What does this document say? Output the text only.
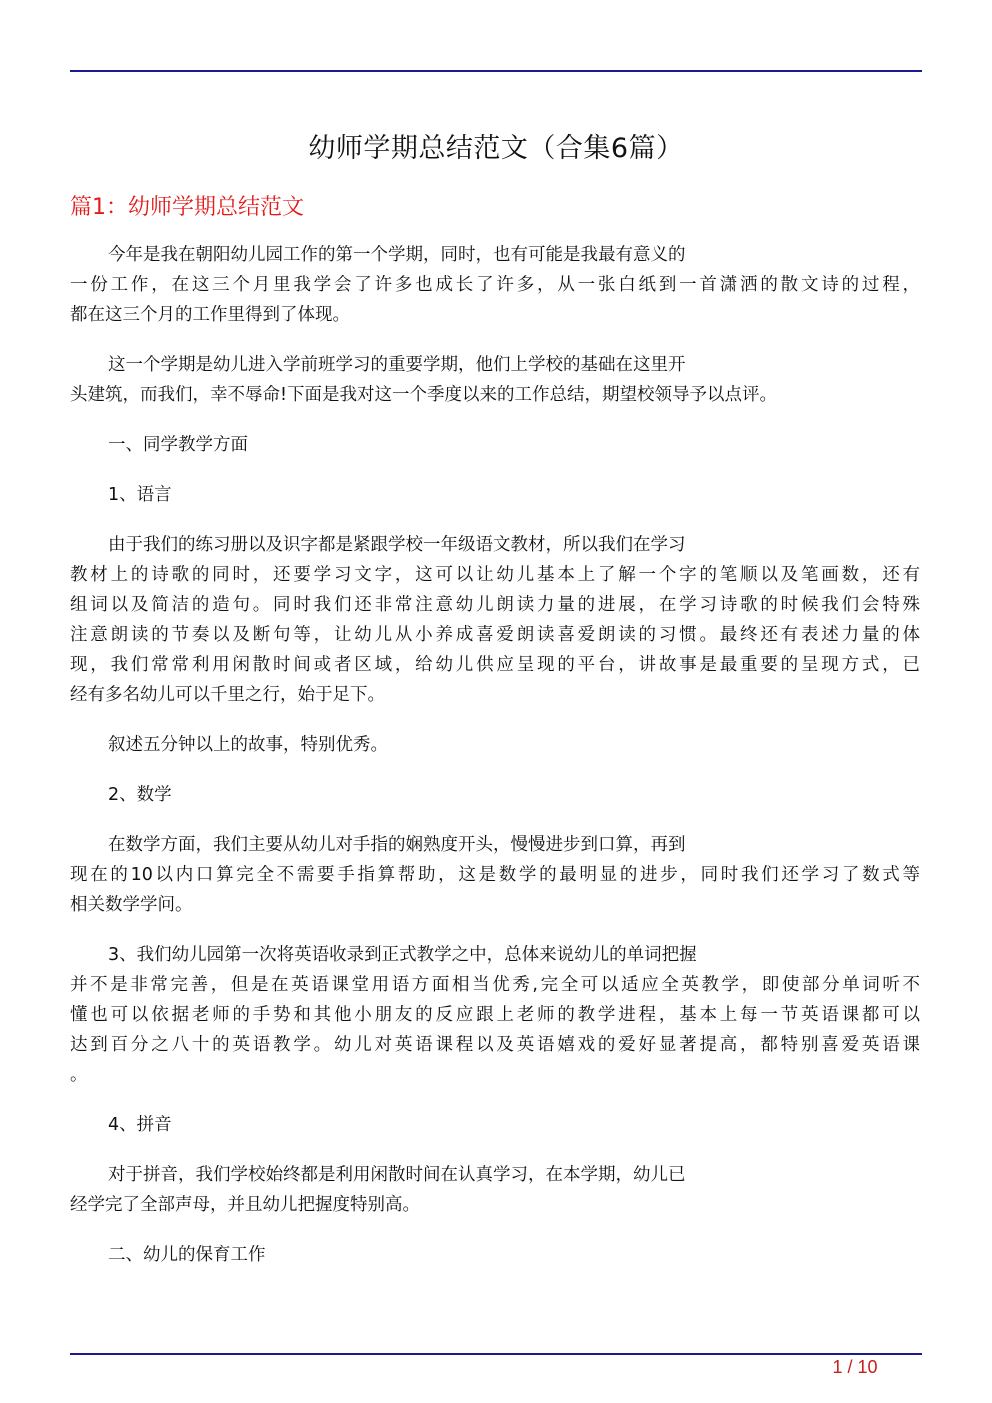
幼师学期总结范文（合集6篇）
篇1：幼师学期总结范文
今年是我在朝阳幼儿园工作的第一个学期，同时，也有可能是我最有意义的
一份工作，在这三个月里我学会了许多也成长了许多，从一张白纸到一首潇洒的散文诗的过程，
都在这三个月的工作里得到了体现。
这一个学期是幼儿进入学前班学习的重要学期，他们上学校的基础在这里开
头建筑，而我们，幸不辱命!下面是我对这一个季度以来的工作总结，期望校领导予以点评。
一、同学教学方面
1、语言
由于我们的练习册以及识字都是紧跟学校一年级语文教材，所以我们在学习
教材上的诗歌的同时，还要学习文字，这可以让幼儿基本上了解一个字的笔顺以及笔画数，还有
组词以及简洁的造句。同时我们还非常注意幼儿朗读力量的进展，在学习诗歌的时候我们会特殊
注意朗读的节奏以及断句等，让幼儿从小养成喜爱朗读喜爱朗读的习惯。最终还有表述力量的体
现，我们常常利用闲散时间或者区域，给幼儿供应呈现的平台，讲故事是最重要的呈现方式，已
经有多名幼儿可以千里之行，始于足下。
叙述五分钟以上的故事，特别优秀。
2、数学
在数学方面，我们主要从幼儿对手指的娴熟度开头，慢慢进步到口算，再到
现在的10以内口算完全不需要手指算帮助，这是数学的最明显的进步，同时我们还学习了数式等
相关数学学问。
3、我们幼儿园第一次将英语收录到正式教学之中，总体来说幼儿的单词把握
并不是非常完善，但是在英语课堂用语方面相当优秀,完全可以适应全英教学，即使部分单词听不
懂也可以依据老师的手势和其他小朋友的反应跟上老师的教学进程，基本上每一节英语课都可以
达到百分之八十的英语教学。幼儿对英语课程以及英语嬉戏的爱好显著提高，都特别喜爱英语课
。
4、拼音
对于拼音，我们学校始终都是利用闲散时间在认真学习，在本学期，幼儿已
经学完了全部声母，并且幼儿把握度特别高。
二、幼儿的保育工作
1 / 10
